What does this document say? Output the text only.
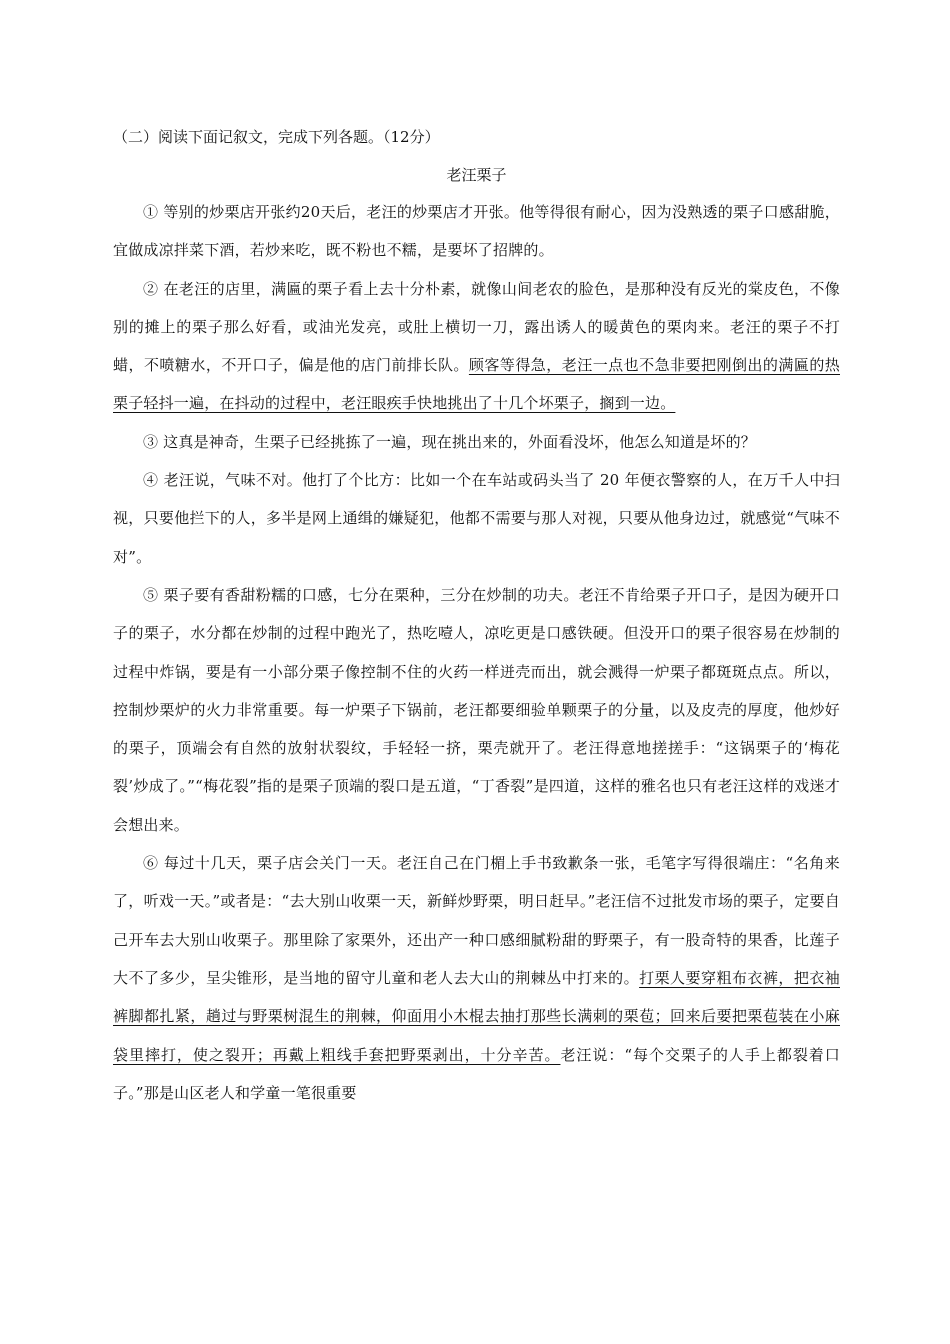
（二）阅读下面记叙文，完成下列各题。（12分）

老汪栗子

① 等别的炒栗店开张约20天后，老汪的炒栗店才开张。他等得很有耐心，因为没熟透的栗子口感甜脆，宜做成凉拌菜下酒，若炒来吃，既不粉也不糯，是要坏了招牌的。

② 在老汪的店里，满匾的栗子看上去十分朴素，就像山间老农的脸色，是那种没有反光的棠皮色，不像别的摊上的栗子那么好看，或油光发亮，或肚上横切一刀，露出诱人的暖黄色的栗肉来。老汪的栗子不打蜡，不喷糖水，不开口子，偏是他的店门前排长队。顾客等得急，老汪一点也不急非要把刚倒出的满匾的热栗子轻抖一遍，在抖动的过程中，老汪眼疾手快地挑出了十几个坏栗子，搁到一边。

③ 这真是神奇，生栗子已经挑拣了一遍，现在挑出来的，外面看没坏，他怎么知道是坏的？

④ 老汪说，气味不对。他打了个比方：比如一个在车站或码头当了 20 年便衣警察的人，在万千人中扫视，只要他拦下的人，多半是网上通缉的嫌疑犯，他都不需要与那人对视，只要从他身边过，就感觉“气味不对”。

⑤ 栗子要有香甜粉糯的口感，七分在栗种，三分在炒制的功夫。老汪不肯给栗子开口子，是因为硬开口子的栗子，水分都在炒制的过程中跑光了，热吃噎人，凉吃更是口感铁硬。但没开口的栗子很容易在炒制的过程中炸锅，要是有一小部分栗子像控制不住的火药一样迸壳而出，就会溅得一炉栗子都斑斑点点。所以，控制炒栗炉的火力非常重要。每一炉栗子下锅前，老汪都要细验单颗栗子的分量，以及皮壳的厚度，他炒好的栗子，顶端会有自然的放射状裂纹，手轻轻一挤，栗壳就开了。老汪得意地搓搓手：“这锅栗子的‘梅花裂’炒成了。”“梅花裂”指的是栗子顶端的裂口是五道，“丁香裂”是四道，这样的雅名也只有老汪这样的戏迷才会想出来。

⑥ 每过十几天，栗子店会关门一天。老汪自己在门楣上手书致歉条一张，毛笔字写得很端庄：“名角来了，听戏一天。”或者是：“去大别山收栗一天，新鲜炒野栗，明日赶早。”老汪信不过批发市场的栗子，定要自己开车去大别山收栗子。那里除了家栗外，还出产一种口感细腻粉甜的野栗子，有一股奇特的果香，比莲子大不了多少，呈尖锥形，是当地的留守儿童和老人去大山的荆棘丛中打来的。打栗人要穿粗布衣裤，把衣袖裤脚都扎紧，趟过与野栗树混生的荆棘，仰面用小木棍去抽打那些长满刺的栗苞；回来后要把栗苞装在小麻袋里摔打，使之裂开；再戴上粗线手套把野栗剥出，十分辛苦。老汪说：“每个交栗子的人手上都裂着口子。”那是山区老人和学童一笔很重要
